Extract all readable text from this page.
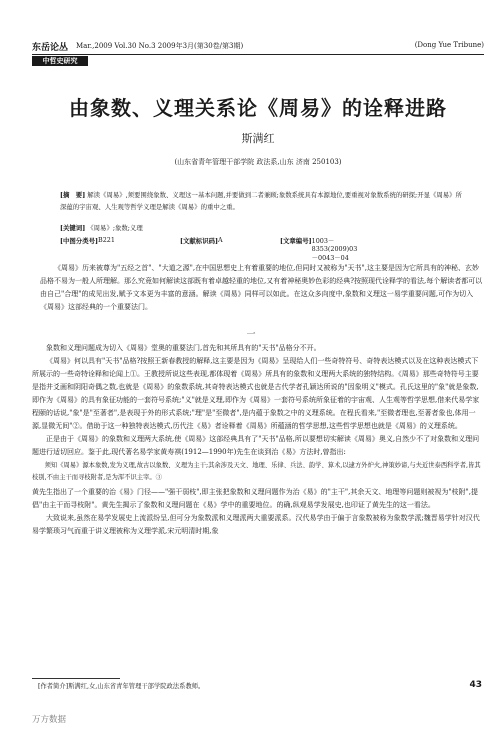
东岳论丛 Mar.,2009 Vol.30 No.3 2009年3月(第30卷/第3期)	(Dong Yue Tribune)
中哲史研究
由象数、义理关系论《周易》的诠释进路
斯满红
(山东省青年管理干部学院 政法系,山东 济南 250103)
[摘　要] 解读《周易》,须要围绕象数、义理这一基本问题,并要做到二者兼顾;象数系统具有本源地位,要重视对象数系统的研探;开显《周易》所深蕴的宇宙观、人生观等哲学义理是解读《周易》的重中之重。
[关键词] 《周易》;象数;义理
[中图分类号] B221	[文献标识码] A	[文章编号] 1003－8353(2009)03－0043－04
《周易》历来被尊为"五经之首"、"大道之源",在中国思想史上有着重要的地位,但同时又被称为"天书",这主要是因为它所具有的神秘、玄妙品格不易为一般人所理解。那么究竟如何解读这部既有着卓越轻重的地位,又有着神秘奥妙色彩的经典?按照现代诠释学的看法,每个解读者都可以由自己"合理"的成见出发,赋予文本更为丰富的意涵。解读《周易》同样可以如此。在这众多向度中,象数和义理这一易学重要问题,可作为切入《周易》这部经典的一个重要法门。
一

象数和义理问题成为切入《周易》堂奥的重要法门,首先和其所具有的"天书"品格分不开。

《周易》何以具有"天书"品格?按照王新春教授的解释,这主要是因为《周易》呈现给人们一些奇特符号、奇特表达模式以及在这种表达模式下所展示的一些奇特诠释和论闻上①。王教授所说这些表现,都体现着《周易》所具有的象数和义理两大系统的独特结构。《周易》那些奇特符号主要是指井爻画和阴阳奇偶之数,也就是《周易》的象数系统,其奇特表达模式也就是古代学者孔颖达所说的"因象明义"模式。孔氏这里的"象"就是象数,即作为《周易》的具有象征功能的一套符号系统;"义"就是义理,即作为《周易》一套符号系统所象征着的宇宙观、人生观等哲学思想,借来代易学家程颐的话说,"象"是"至著者",是表现于外的形式系统;"理"是"至微者",是内蕴于象数之中的义理系统。在程氏看来,"至微者理也,至著者象也,体用一源,显微无间"②。借助于这一种独特表达模式,历代注《易》者诠释着《周易》所蕴涵的哲学思想,这些哲学思想也就是《周易》的义理系统。

正是由于《周易》的象数和义理两大系统,使《周易》这部经典具有了"天书"品格,所以要想切实解读《周易》奥义,自然少不了对象数和义理问题进行适切回应。鉴于此,现代著名易学家黄寿祺(1912—1990年)先生在谈到治《易》方法时,曾指出:

须知《周易》源本象数,发为义理,故古以象数、义理为主干;其余涉及天文、地理、乐律、兵法、韵学、算术,以逮方外炉火,神策妙谛,与夫近世泰西科学者,皆其枝别,不由主干而寻枝附者,是为浑不识主宰。③

黄先生指出了一个重要的治《易》门径——"强干弱枝",即主张把象数和义理问题作为治《易》的"主干",其余天文、地理等问题则被视为"枝附",提倡"由主干而寻枝附"。黄先生揭示了象数和义理问题在《易》学中的重要地位。的确,纵观易学发展史,也印证了黄先生的这一看法。

大致说来,虽然在易学发展史上流派纷呈,但可分为象数派和义理派两大重要派系。汉代易学由于偏于言象数被称为象数学派;魏晋易学针对汉代易学繁琐习气而重于讲义理被称为义理学派,宋元明清时期,象

[作者简介]斯满红,女,山东省青年管理干部学院政法系教师。	43
万方数据
